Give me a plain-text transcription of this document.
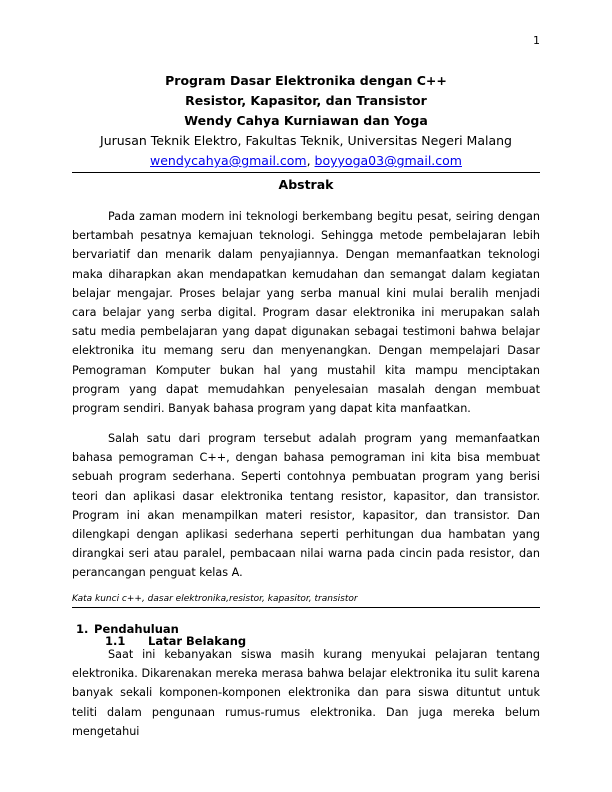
1
Program Dasar Elektronika dengan C++
Resistor, Kapasitor, dan Transistor
Wendy Cahya Kurniawan dan Yoga
Jurusan Teknik Elektro, Fakultas Teknik, Universitas Negeri Malang
wendycahya@gmail.com, boyyoga03@gmail.com
Abstrak

Pada zaman modern ini teknologi berkembang begitu pesat, seiring dengan bertambah pesatnya kemajuan teknologi. Sehingga metode pembelajaran lebih bervariatif dan menarik dalam penyajiannya. Dengan memanfaatkan teknologi maka diharapkan akan mendapatkan kemudahan dan semangat dalam kegiatan belajar mengajar. Proses belajar yang serba manual kini mulai beralih menjadi cara belajar yang serba digital. Program dasar elektronika ini merupakan salah satu media pembelajaran yang dapat digunakan sebagai testimoni bahwa belajar elektronika itu memang seru dan menyenangkan. Dengan mempelajari Dasar Pemograman Komputer bukan hal yang mustahil kita mampu menciptakan program yang dapat memudahkan penyelesaian masalah dengan membuat program sendiri. Banyak bahasa program yang dapat kita manfaatkan.

Salah satu dari program tersebut adalah program yang memanfaatkan bahasa pemograman C++, dengan bahasa pemograman ini kita bisa membuat sebuah program sederhana. Seperti contohnya pembuatan program yang berisi teori dan aplikasi dasar elektronika tentang resistor, kapasitor, dan transistor. Program ini akan menampilkan materi resistor, kapasitor, dan transistor. Dan dilengkapi dengan aplikasi sederhana seperti perhitungan dua hambatan yang dirangkai seri atau paralel, pembacaan nilai warna pada cincin pada resistor, dan perancangan penguat kelas A.

Kata kunci c++, dasar elektronika,resistor, kapasitor, transistor
1. Pendahuluan
1.1 Latar Belakang

Saat ini kebanyakan siswa masih kurang menyukai pelajaran tentang elektronika. Dikarenakan mereka merasa bahwa belajar elektronika itu sulit karena banyak sekali komponen-komponen elektronika dan para siswa dituntut untuk teliti dalam pengunaan rumus-rumus elektronika. Dan juga mereka belum mengetahui
